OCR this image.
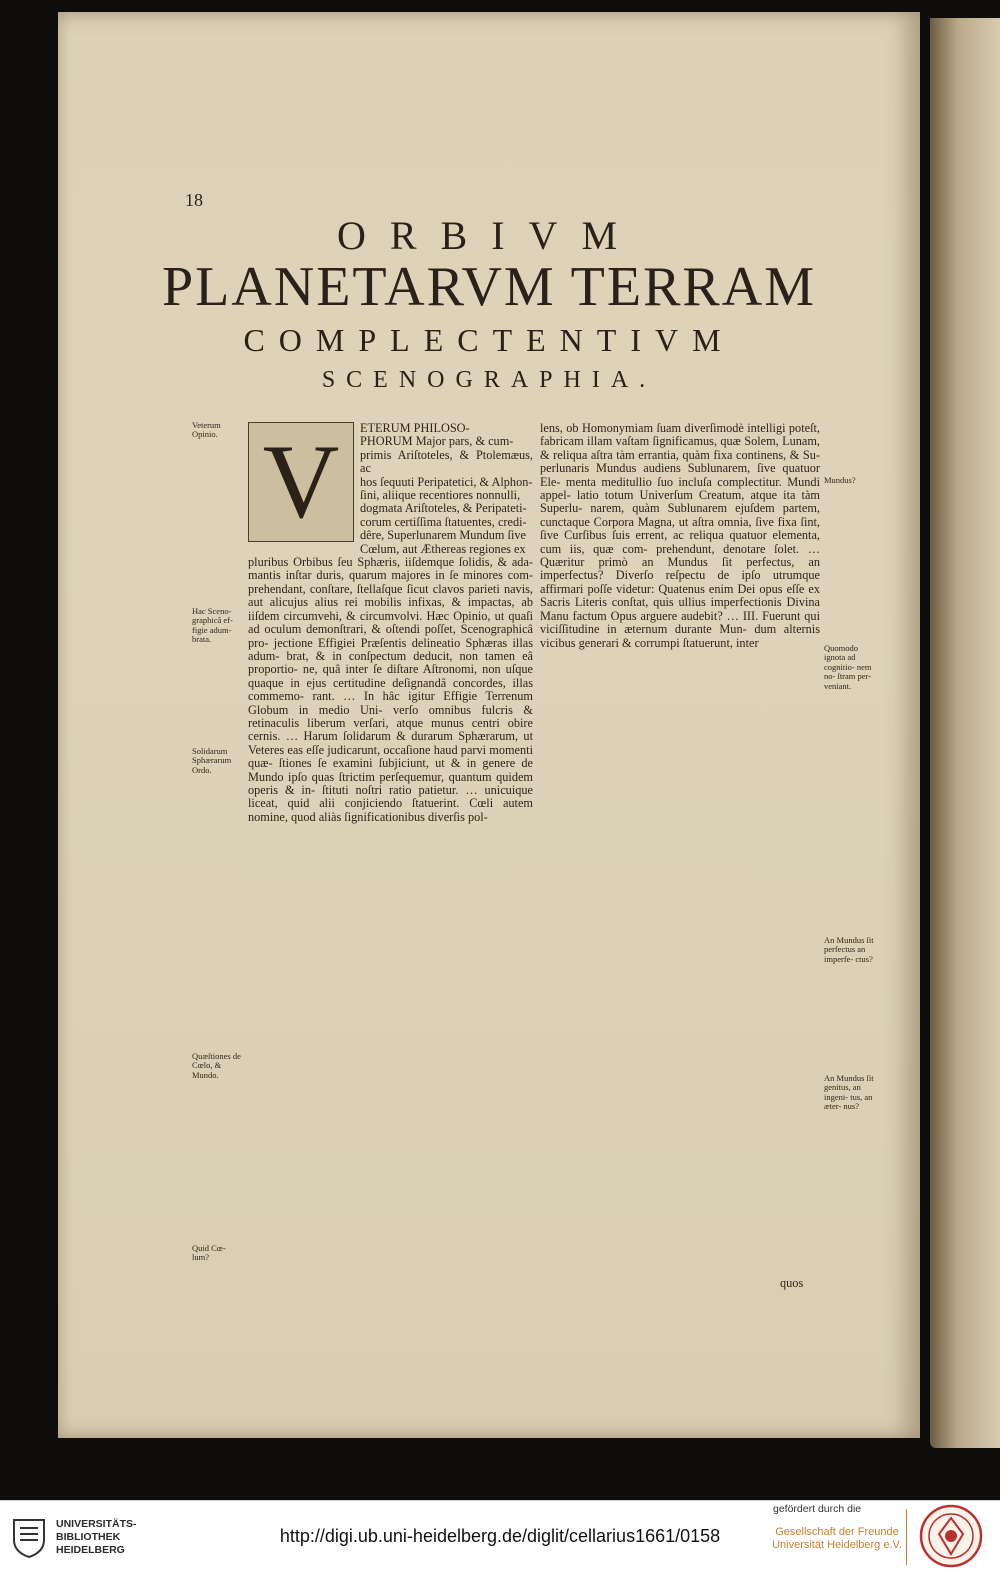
18
ORBIVM
PLANETARVM TERRAM
COMPLECTENTIVM
SCENOGRAPHIA.
V	ETERUM PHILOSO-
PHORUM Major pars, & cum-
primis Ariſtoteles, & Ptolemæus, ac
hos ſequuti Peripatetici, & Alphon-
ſini, aliique recentiores nonnulli,
dogmata Ariſtoteles, & Peripateti-
corum certiſſima ſtatuentes, credi-
dêre, Superlunarem Mundum ſive
Cœlum, aut Æthereas regiones ex
pluribus Orbibus ſeu Sphæris, iiſdemque ſolidis, & ada- mantis inſtar duris, quarum majores in ſe minores com- prehendant, conſtare, ſtellaſque ſicut clavos parieti navis, aut alicujus alius rei mobilis infixas, & impactas, ab iiſdem circumvehi, & circumvolvi. Hæc Opinio, ut quaſi ad oculum demonſtrari, & oſtendi poſſet, Scenographicâ pro- jectione Effigiei Præſentis delineatio Sphæras illas adum- brat, & in conſpectum deducit, non tamen eâ proportio- ne, quâ inter ſe diſtare Aſtronomi, non uſque quaque in ejus certitudine deſignandâ concordes, illas commemo- rant. … In hâc igitur Effigie Terrenum Globum in medio Uni- verſo omnibus fulcris & retinaculis liberum verſari, atque munus centri obire cernis. … Harum ſolidarum & durarum Sphærarum, ut Veteres eas eſſe judicarunt, occaſione haud parvi momenti quæ- ſtiones ſe examini ſubjiciunt, ut & in genere de Mundo ipſo quas ſtrictim perſequemur, quantum quidem operis & in- ſtituti noſtri ratio patietur. … unicuique liceat, quid alii conjiciendo ſtatuerint. Cœli autem nomine, quod aliàs ſignificationibus diverſis pol-
lens, ob Homonymiam ſuam diverſimodè intelligi poteſt, fabricam illam vaſtam ſignificamus, quæ Solem, Lunam, & reliqua aſtra tàm errantia, quàm fixa continens, & Su- perlunaris Mundus audiens Sublunarem, ſive quatuor Ele- menta meditullio ſuo incluſa complectitur. Mundi appel- latio totum Univerſum Creatum, atque ita tàm Superlu- narem, quàm Sublunarem ejuſdem partem, cunctaque Corpora Magna, ut aſtra omnia, ſive fixa ſint, ſive Curſibus ſuis errent, ac reliqua quatuor elementa, cum iis, quæ com- prehendunt, denotare ſolet. … Quæritur primò an Mundus ſit perfectus, an imperfectus? Diverſo reſpectu de ipſo utrumque affirmari poſſe videtur: Quatenus enim Dei opus eſſe ex Sacris Literis conſtat, quis ullius imperfectionis Divina Manu factum Opus arguere audebit? … III. Fuerunt qui viciſſitudine in æternum durante Mun- dum alternis vicibus generari & corrumpi ſtatuerunt, inter

quos

Veterum Opinio.

Hac Sceno- graphicâ ef- figie adum- brata.

Solidarum Sphærarum Ordo.

Quæſtiones de Cœlo, & Mundo.

Quid Cœ- lum?

Mundus?

Quomodo ignota ad cognitio- nem no- ſtram per- veniant.

An Mundus ſit perfectus an imperfe- ctus?

An Mundus ſit genitus, an ingeni- tus, an æter- nus?

UNIVERSITÄTS-
BIBLIOTHEK
HEIDELBERG
http://digi.ub.uni-heidelberg.de/diglit/cellarius1661/0158
gefördert durch die
Gesellschaft der Freunde
Universität Heidelberg e.V.
